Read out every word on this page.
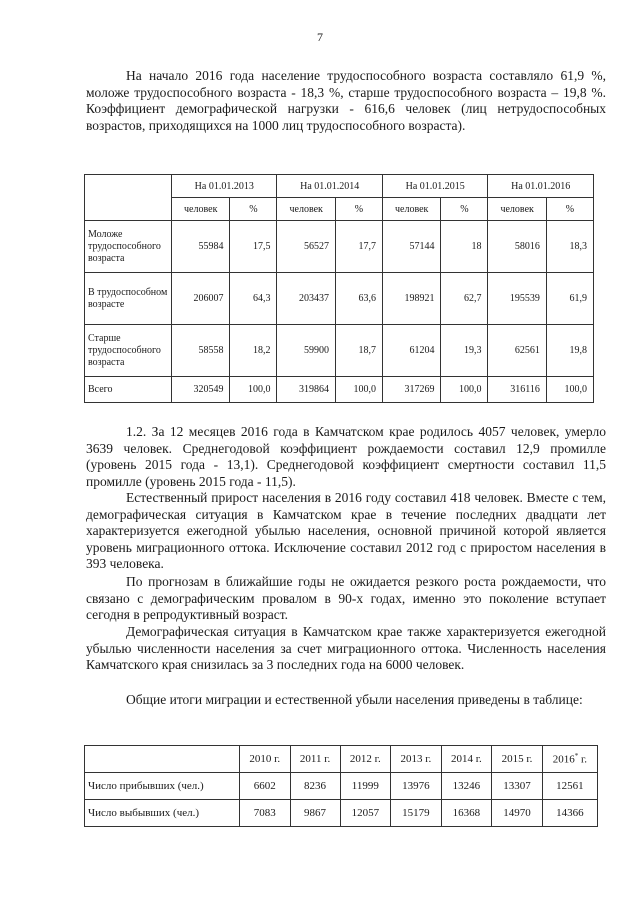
7

На начало 2016 года население трудоспособного возраста составляло 61,9 %, моложе трудоспособного возраста - 18,3 %, старше трудоспособного возраста – 19,8 %. Коэффициент демографической нагрузки - 616,6 человек (лиц нетрудоспособных возрастов, приходящихся на 1000 лиц трудоспособного возраста).

	На 01.01.2013		На 01.01.2014		На 01.01.2015		На 01.01.2016	
	человек	%	человек	%	человек	%	человек	%
Моложе трудоспособного возраста	55984	17,5	56527	17,7	57144	18	58016	18,3
В трудоспособном возрасте	206007	64,3	203437	63,6	198921	62,7	195539	61,9
Старше трудоспособного возраста	58558	18,2	59900	18,7	61204	19,3	62561	19,8
Всего	320549	100,0	319864	100,0	317269	100,0	316116	100,0

1.2. За 12 месяцев 2016 года в Камчатском крае родилось 4057 человек, умерло 3639 человек. Среднегодовой коэффициент рождаемости составил 12,9 промилле (уровень 2015 года - 13,1). Среднегодовой коэффициент смертности составил 11,5 промилле (уровень 2015 года - 11,5).

Естественный прирост населения в 2016 году составил 418 человек. Вместе с тем, демографическая ситуация в Камчатском крае в течение последних двадцати лет характеризуется ежегодной убылью населения, основной причиной которой является уровень миграционного оттока. Исключение составил 2012 год с приростом населения в 393 человека.

По прогнозам в ближайшие годы не ожидается резкого роста рождаемости, что связано с демографическим провалом в 90-х годах, именно это поколение вступает сегодня в репродуктивный возраст.

Демографическая ситуация в Камчатском крае также характеризуется ежегодной убылью численности населения за счет миграционного оттока. Численность населения Камчатского края снизилась за 3 последних года на 6000 человек.

Общие итоги миграции и естественной убыли населения приведены в таблице:

	2010 г.	2011 г.	2012 г.	2013 г.	2014 г.	2015 г.	2016* г.
Число прибывших (чел.)	6602	8236	11999	13976	13246	13307	12561
Число выбывших (чел.)	7083	9867	12057	15179	16368	14970	14366
